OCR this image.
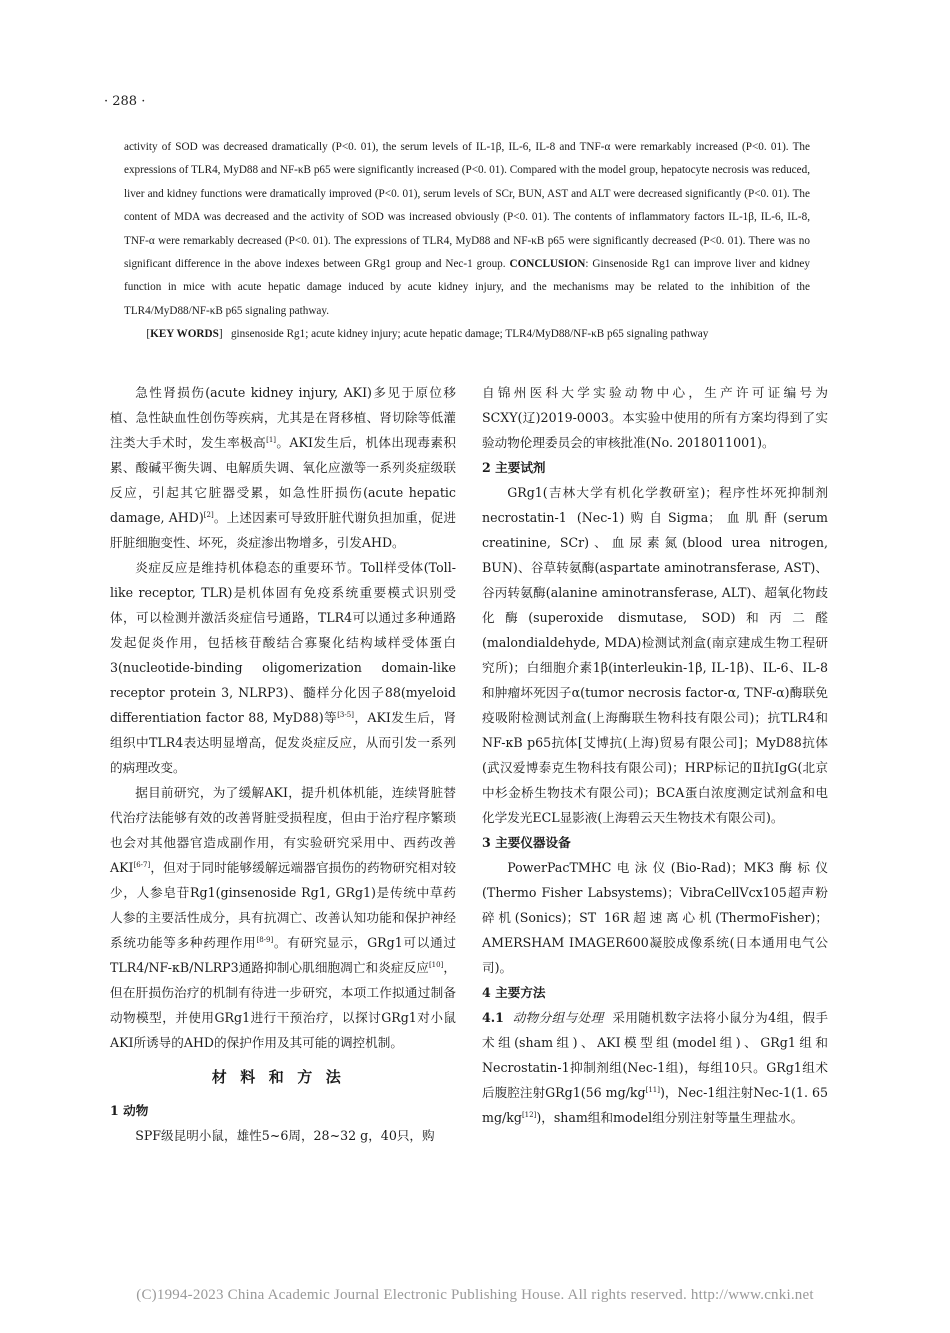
· 288 ·

activity of SOD was decreased dramatically (P<0. 01), the serum levels of IL-1β, IL-6, IL-8 and TNF-α were remarkably increased (P<0. 01). The expressions of TLR4, MyD88 and NF-κB p65 were significantly increased (P<0. 01). Compared with the model group, hepatocyte necrosis was reduced, liver and kidney functions were dramatically improved (P<0. 01), serum levels of SCr, BUN, AST and ALT were decreased significantly (P<0. 01). The content of MDA was decreased and the activity of SOD was increased obviously (P<0. 01). The contents of inflammatory factors IL-1β, IL-6, IL-8, TNF-α were remarkably decreased (P<0. 01). The expressions of TLR4, MyD88 and NF-κB p65 were significantly decreased (P<0. 01). There was no significant difference in the above indexes between GRg1 group and Nec-1 group. CONCLUSION: Ginsenoside Rg1 can improve liver and kidney function in mice with acute hepatic damage induced by acute kidney injury, and the mechanisms may be related to the inhibition of the TLR4/MyD88/NF-κB p65 signaling pathway.

[KEY WORDS] ginsenoside Rg1; acute kidney injury; acute hepatic damage; TLR4/MyD88/NF-κB p65 signaling pathway

急性肾损伤(acute kidney injury, AKI)多见于原位移植、急性缺血性创伤等疾病，尤其是在肾移植、肾切除等低灌注类大手术时，发生率极高[1]。AKI发生后，机体出现毒素积累、酸碱平衡失调、电解质失调、氧化应激等一系列炎症级联反应，引起其它脏器受累，如急性肝损伤(acute hepatic damage, AHD)[2]。上述因素可导致肝脏代谢负担加重，促进肝脏细胞变性、坏死，炎症渗出物增多，引发AHD。

炎症反应是维持机体稳态的重要环节。Toll样受体(Toll-like receptor, TLR)是机体固有免疫系统重要模式识别受体，可以检测并激活炎症信号通路，TLR4可以通过多种通路发起促炎作用，包括核苷酸结合寡聚化结构域样受体蛋白3(nucleotide-binding oligomerization domain-like receptor protein 3, NLRP3)、髓样分化因子88(myeloid differentiation factor 88, MyD88)等[3-5]，AKI发生后，肾组织中TLR4表达明显增高，促发炎症反应，从而引发一系列的病理改变。

据目前研究，为了缓解AKI，提升机体机能，连续肾脏替代治疗法能够有效的改善肾脏受损程度，但由于治疗程序繁琐也会对其他器官造成副作用，有实验研究采用中、西药改善AKI[6-7]，但对于同时能够缓解远端器官损伤的药物研究相对较少，人参皂苷Rg1(ginsenoside Rg1, GRg1)是传统中草药人参的主要活性成分，具有抗凋亡、改善认知功能和保护神经系统功能等多种药理作用[8-9]。有研究显示，GRg1可以通过TLR4/NF-κB/NLRP3通路抑制心肌细胞凋亡和炎症反应[10]，但在肝损伤治疗的机制有待进一步研究，本项工作拟通过制备动物模型，并使用GRg1进行干预治疗，以探讨GRg1对小鼠AKI所诱导的AHD的保护作用及其可能的调控机制。

材料和方法

1 动物

SPF级昆明小鼠，雄性5~6周，28~32 g，40只，购

自锦州医科大学实验动物中心，生产许可证编号为SCXY(辽)2019-0003。本实验中使用的所有方案均得到了实验动物伦理委员会的审核批准(No. 2018011001)。

2 主要试剂

GRg1(吉林大学有机化学教研室)；程序性坏死抑制剂necrostatin-1 (Nec-1)购自Sigma；血肌酐(serum creatinine, SCr)、血尿素氮(blood urea nitrogen, BUN)、谷草转氨酶(aspartate aminotransferase, AST)、谷丙转氨酶(alanine aminotransferase, ALT)、超氧化物歧化酶(superoxide dismutase, SOD)和丙二醛(malondialdehyde, MDA)检测试剂盒(南京建成生物工程研究所)；白细胞介素1β(interleukin-1β, IL-1β)、IL-6、IL-8和肿瘤坏死因子α(tumor necrosis factor-α, TNF-α)酶联免疫吸附检测试剂盒(上海酶联生物科技有限公司)；抗TLR4和NF-κB p65抗体[艾博抗(上海)贸易有限公司]；MyD88抗体(武汉爱博泰克生物科技有限公司)；HRP标记的Ⅱ抗IgG(北京中杉金桥生物技术有限公司)；BCA蛋白浓度测定试剂盒和电化学发光ECL显影液(上海碧云天生物技术有限公司)。

3 主要仪器设备

PowerPacTMHC电泳仪(Bio-Rad)；MK3酶标仪(Thermo Fisher Labsystems)；VibraCellVcx105超声粉碎机(Sonics)；ST 16R超速离心机(ThermoFisher)；AMERSHAM IMAGER600凝胶成像系统(日本通用电气公司)。

4 主要方法

4.1 动物分组与处理 采用随机数字法将小鼠分为4组，假手术组(sham组)、AKI模型组(model组)、GRg1组和Necrostatin-1抑制剂组(Nec-1组)，每组10只。GRg1组术后腹腔注射GRg1(56 mg/kg[11])，Nec-1组注射Nec-1(1. 65 mg/kg[12])，sham组和model组分别注射等量生理盐水。

(C)1994-2023 China Academic Journal Electronic Publishing House. All rights reserved. http://www.cnki.net
